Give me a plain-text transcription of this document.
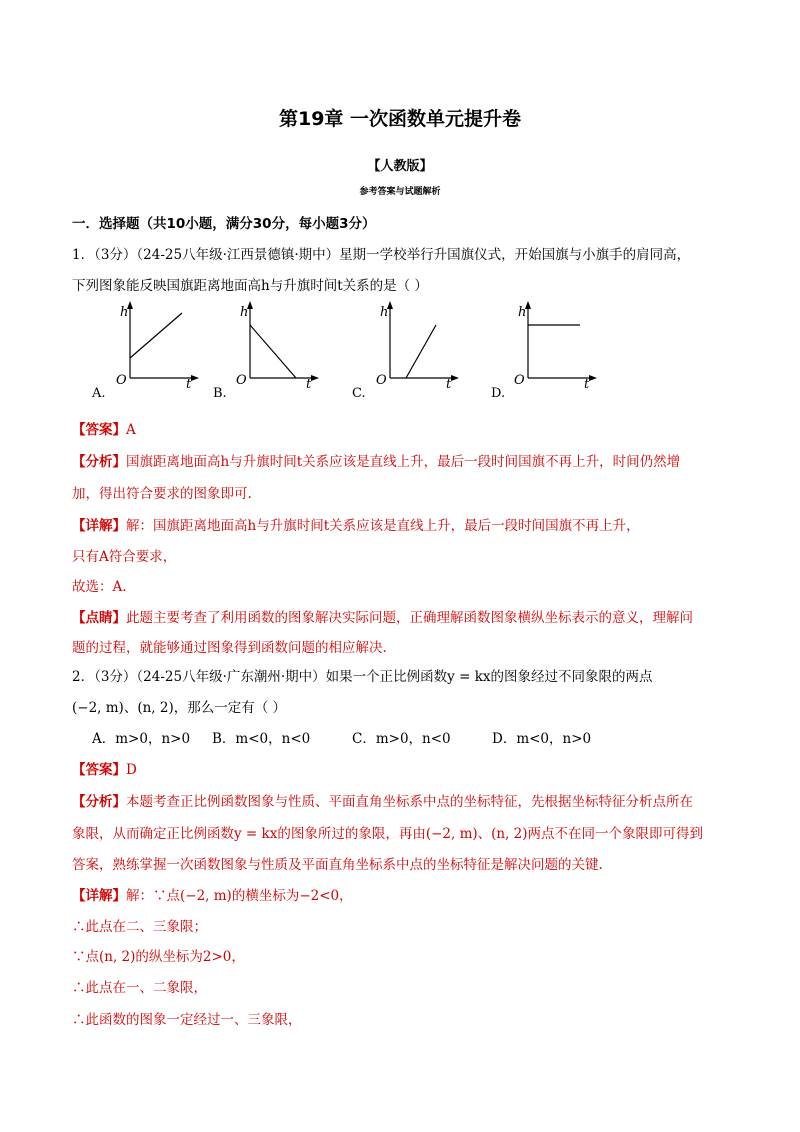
第19章 一次函数单元提升卷
【人教版】
参考答案与试题解析
一．选择题（共10小题，满分30分，每小题3分）
1．（3分）（24-25八年级·江西景德镇·期中）星期一学校举行升国旗仪式，开始国旗与小旗手的肩同高，
下列图象能反映国旗距离地面高h与升旗时间t关系的是（ ）
h
t
O
A.
h
t
O
B.
h
t
O
C.
h
t
O
D.
【答案】A
【分析】国旗距离地面高h与升旗时间t关系应该是直线上升，最后一段时间国旗不再上升，时间仍然增
加，得出符合要求的图象即可.
【详解】解：国旗距离地面高h与升旗时间t关系应该是直线上升，最后一段时间国旗不再上升，
只有A符合要求，
故选：A.
【点睛】此题主要考查了利用函数的图象解决实际问题，正确理解函数图象横纵坐标表示的意义，理解问
题的过程，就能够通过图象得到函数问题的相应解决.
2．（3分）（24-25八年级·广东潮州·期中）如果一个正比例函数y = kx的图象经过不同象限的两点
(−2, m)、(n, 2)，那么一定有（ ）
A．m>0，n>0 B．m<0，n<0	C．m>0，n<0	D．m<0，n>0
【答案】D
【分析】本题考查正比例函数图象与性质、平面直角坐标系中点的坐标特征，先根据坐标特征分析点所在
象限，从而确定正比例函数y = kx的图象所过的象限，再由(−2, m)、(n, 2)两点不在同一个象限即可得到
答案，熟练掌握一次函数图象与性质及平面直角坐标系中点的坐标特征是解决问题的关键.
【详解】解：∵点(−2, m)的横坐标为−2<0，
∴此点在二、三象限；
∵点(n, 2)的纵坐标为2>0，
∴此点在一、二象限，
∴此函数的图象一定经过一、三象限，
